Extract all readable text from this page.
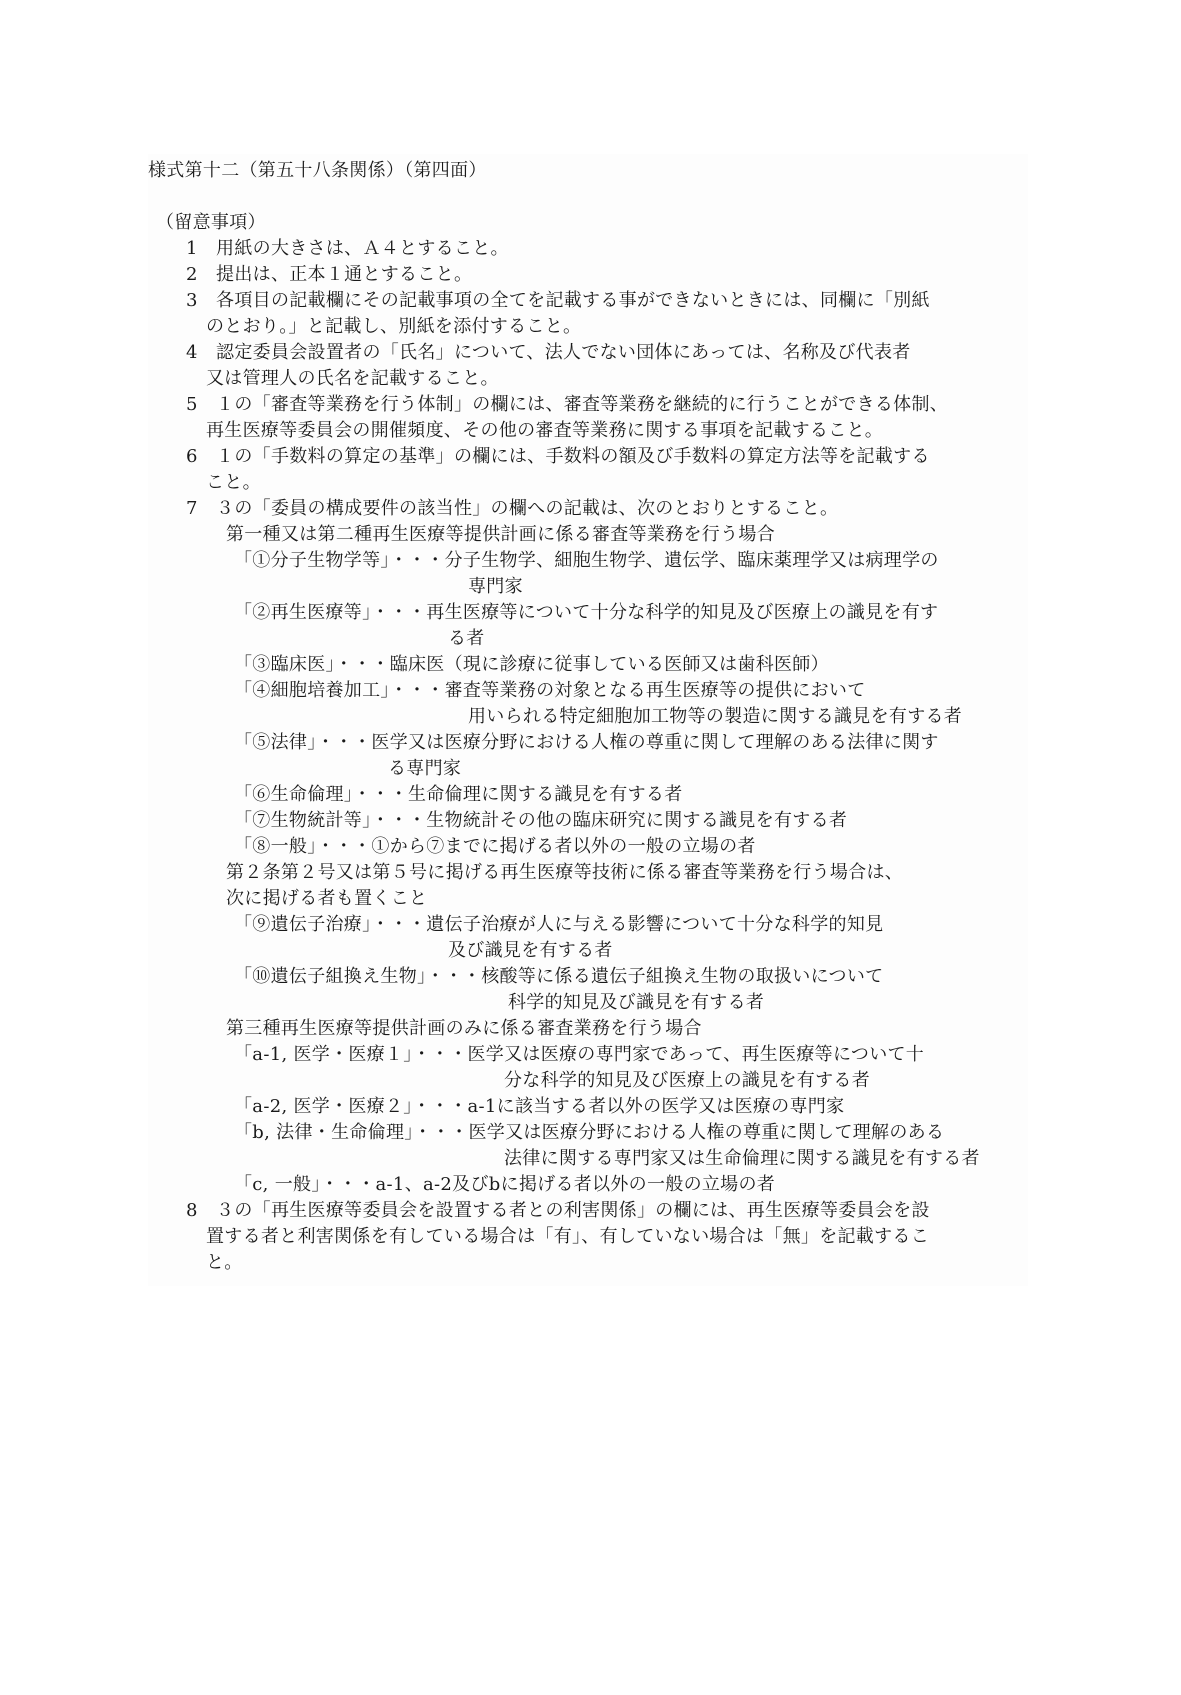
様式第十二（第五十八条関係）（第四面）
（留意事項）
1　用紙の大きさは、Ａ４とすること。
2　提出は、正本１通とすること。
3　各項目の記載欄にその記載事項の全てを記載する事ができないときには、同欄に「別紙
のとおり。」と記載し、別紙を添付すること。
4　認定委員会設置者の「氏名」について、法人でない団体にあっては、名称及び代表者
又は管理人の氏名を記載すること。
5　１の「審査等業務を行う体制」の欄には、審査等業務を継続的に行うことができる体制、
再生医療等委員会の開催頻度、その他の審査等業務に関する事項を記載すること。
6　１の「手数料の算定の基準」の欄には、手数料の額及び手数料の算定方法等を記載する
こと。
7　３の「委員の構成要件の該当性」の欄への記載は、次のとおりとすること。
第一種又は第二種再生医療等提供計画に係る審査等業務を行う場合
「①分子生物学等」・・・分子生物学、細胞生物学、遺伝学、臨床薬理学又は病理学の
専門家
「②再生医療等」・・・再生医療等について十分な科学的知見及び医療上の識見を有す
る者
「③臨床医」・・・臨床医（現に診療に従事している医師又は歯科医師）
「④細胞培養加工」・・・審査等業務の対象となる再生医療等の提供において
用いられる特定細胞加工物等の製造に関する識見を有する者
「⑤法律」・・・医学又は医療分野における人権の尊重に関して理解のある法律に関す
る専門家
「⑥生命倫理」・・・生命倫理に関する識見を有する者
「⑦生物統計等」・・・生物統計その他の臨床研究に関する識見を有する者
「⑧一般」・・・①から⑦までに掲げる者以外の一般の立場の者
第２条第２号又は第５号に掲げる再生医療等技術に係る審査等業務を行う場合は、
次に掲げる者も置くこと
「⑨遺伝子治療」・・・遺伝子治療が人に与える影響について十分な科学的知見
及び識見を有する者
「⑩遺伝子組換え生物」・・・核酸等に係る遺伝子組換え生物の取扱いについて
科学的知見及び識見を有する者
第三種再生医療等提供計画のみに係る審査業務を行う場合
「a-1, 医学・医療１」・・・医学又は医療の専門家であって、再生医療等について十
分な科学的知見及び医療上の識見を有する者
「a-2, 医学・医療２」・・・a-1に該当する者以外の医学又は医療の専門家
「b, 法律・生命倫理」・・・医学又は医療分野における人権の尊重に関して理解のある
法律に関する専門家又は生命倫理に関する識見を有する者
「c, 一般」・・・a-1、a-2及びbに掲げる者以外の一般の立場の者
8　３の「再生医療等委員会を設置する者との利害関係」の欄には、再生医療等委員会を設
置する者と利害関係を有している場合は「有」、有していない場合は「無」を記載するこ
と。
